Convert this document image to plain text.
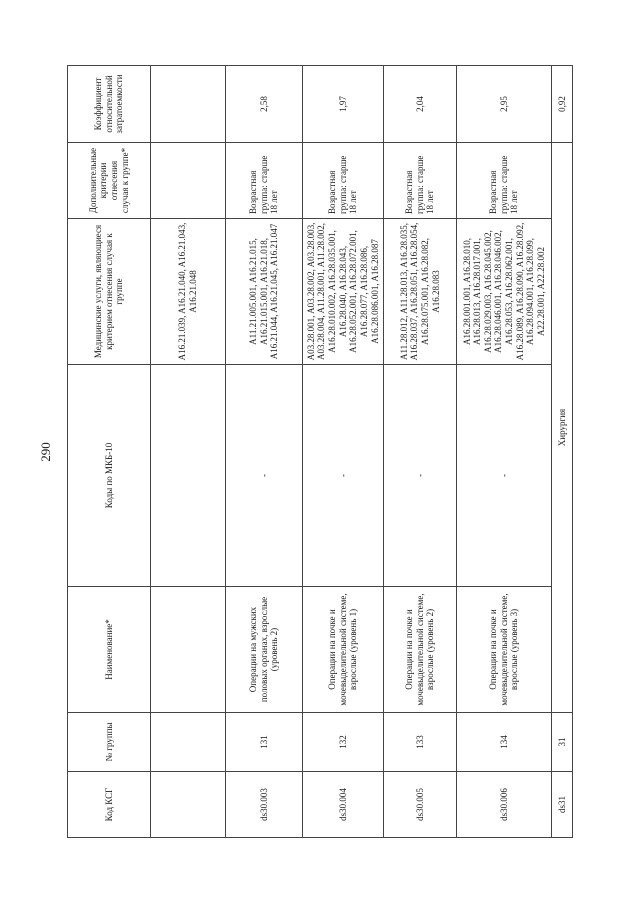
290
Код КСГ	№ группы	Наименование*	Коды по МКБ-10	Медицинские услуги, являющиеся критерием отнесения случая к группе	Дополнительные критерии отнесения случая к группе*	Коэффициент относительной затратоемкости
				A16.21.039, A16.21.040, A16.21.043, A16.21.048		
ds30.003	131	Операции на мужских половых органах, взрослые (уровень 2)	-	A11.21.005.001, A16.21.015, A16.21.015.001, A16.21.018, A16.21.044, A16.21.045, A16.21.047	Возрастная группа: старше 18 лет	2,58
ds30.004	132	Операции на почке и мочевыделительной системе, взрослые (уровень 1)	-	A03.28.001, A03.28.002, A03.28.003, A03.28.004, A11.28.001, A11.28.002, A16.28.010.002, A16.28.035.001, A16.28.040, A16.28.043, A16.28.052.001, A16.28.072.001, A16.28.077, A16.28.086, A16.28.086.001, A16.28.087	Возрастная группа: старше 18 лет	1,97
ds30.005	133	Операции на почке и мочевыделительной системе, взрослые (уровень 2)	-	A11.28.012, A11.28.013, A16.28.035, A16.28.037, A16.28.051, A16.28.054, A16.28.075.001, A16.28.082, A16.28.083	Возрастная группа: старше 18 лет	2,04
ds30.006	134	Операции на почке и мочевыделительной системе, взрослые (уровень 3)	-	A16.28.001.001, A16.28.010, A16.28.013, A16.28.017.001, A16.28.029.003, A16.28.045.002, A16.28.046.001, A16.28.046.002, A16.28.053, A16.28.062.001, A16.28.089, A16.28.090, A16.28.092, A16.28.094.001, A16.28.099, A22.28.001, A22.28.002	Возрастная группа: старше 18 лет	2,95
ds31	31	Хирургия				0,92
